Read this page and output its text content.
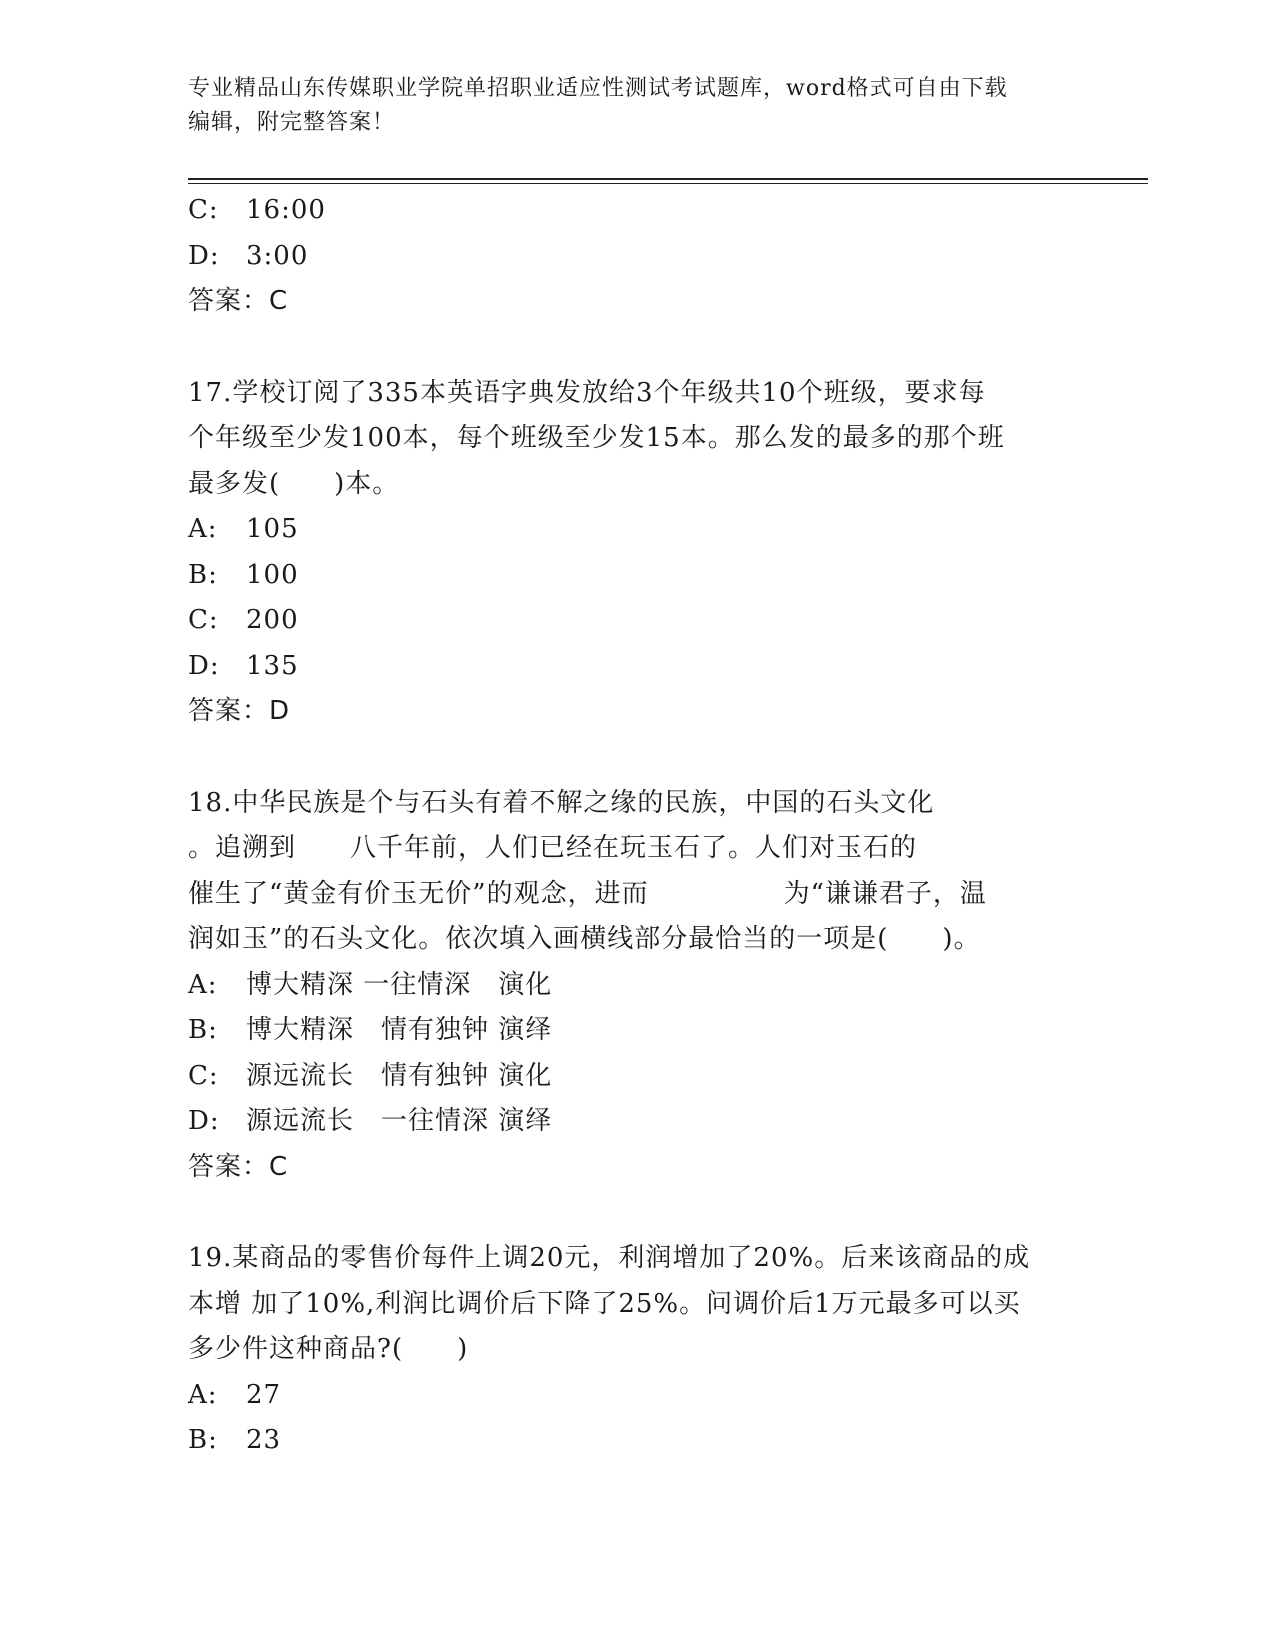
专业精品山东传媒职业学院单招职业适应性测试考试题库，word格式可自由下载
编辑，附完整答案！
C:	16:00
D:	3:00
答案：C
17.学校订阅了335本英语字典发放给3个年级共10个班级，要求每
个年级至少发100本，每个班级至少发15本。那么发的最多的那个班
最多发(　　)本。
A:	105
B:	100
C:	200
D:	135
答案：D
18.中华民族是个与石头有着不解之缘的民族，中国的石头文化
。追溯到　　八千年前，人们已经在玩玉石了。人们对玉石的
催生了“黄金有价玉无价”的观念，进而　　　　　为“谦谦君子，温
润如玉”的石头文化。依次填入画横线部分最恰当的一项是(　　)。
A:	博大精深 一往情深　演化
B:	博大精深　情有独钟 演绎
C:	源远流长　情有独钟 演化
D:	源远流长　一往情深 演绎
答案：C
19.某商品的零售价每件上调20元，利润增加了20%。后来该商品的成
本增 加了10%,利润比调价后下降了25%。问调价后1万元最多可以买
多少件这种商品?(　　)
A:	27
B:	23
